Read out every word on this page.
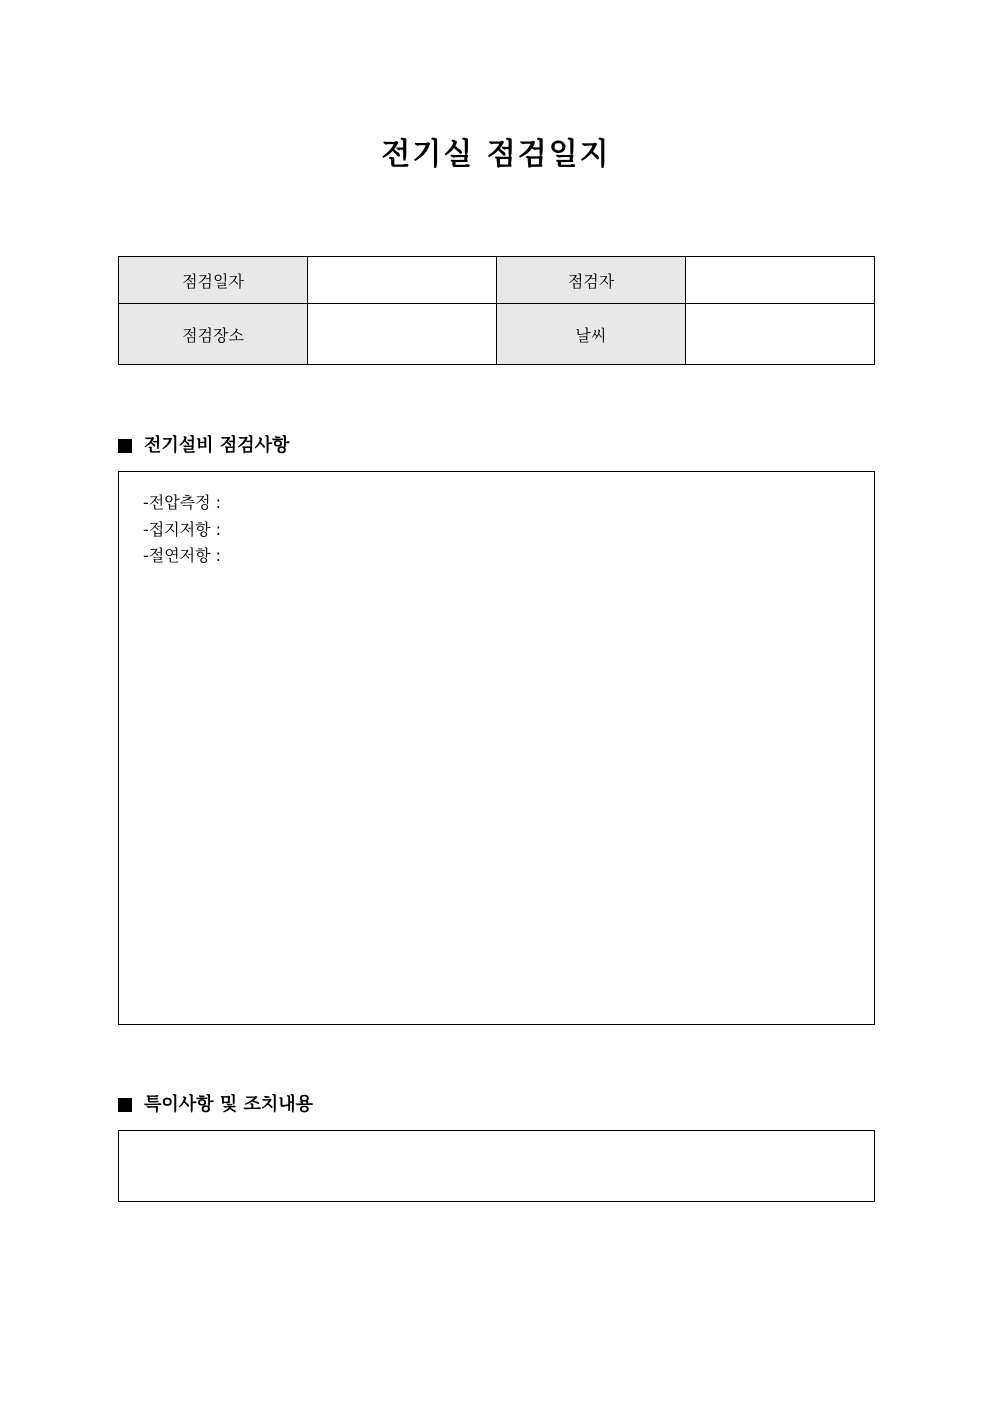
전기실 점검일지
점검일자		점검자	
점검장소		날씨	
전기설비 점검사항
-전압측정 :
-접지저항 :
-절연저항 :
특이사항 및 조치내용
